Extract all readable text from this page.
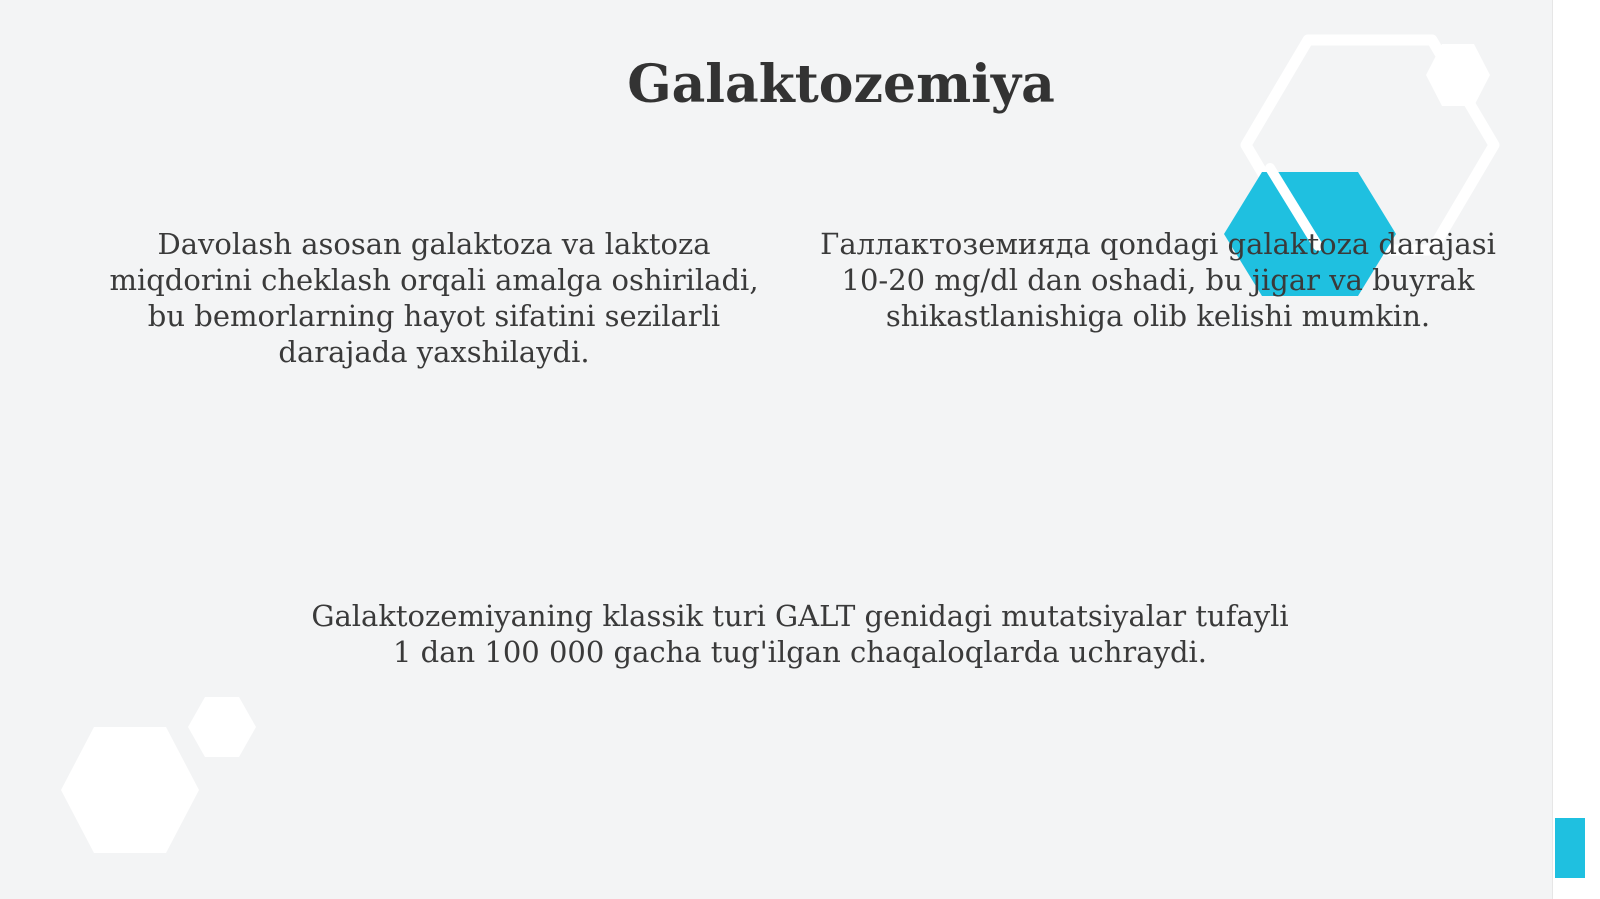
Galaktozemiya

Davolash asosan galaktoza va laktoza miqdorini cheklash orqali amalga oshiriladi, bu bemorlarning hayot sifatini sezilarli darajada yaxshilaydi.

Галлактоземияда qondagi galaktoza darajasi 10-20 mg/dl dan oshadi, bu jigar va buyrak shikastlanishiga olib kelishi mumkin.

Galaktozemiyaning klassik turi GALT genidagi mutatsiyalar tufayli 1 dan 100 000 gacha tug'ilgan chaqaloqlarda uchraydi.
